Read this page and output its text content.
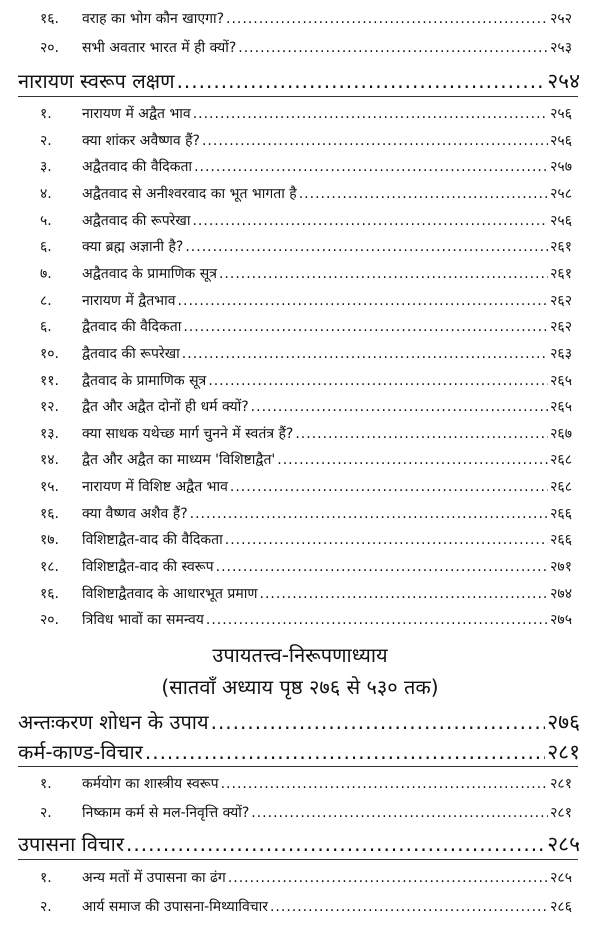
१६.	वराह का भोग कौन खाएगा? .....	२५२
२०.	सभी अवतार भारत में ही क्यों? .....	२५३
नारायण स्वरूप लक्षण .....	२५४
१.	नारायण में अद्वैत भाव .....	२५६
२.	क्या शांकर अवैष्णव हैं? .....	२५६
३.	अद्वैतवाद की वैदिकता .....	२५७
४.	अद्वैतवाद से अनीश्वरवाद का भूत भागता है .....	२५८
५.	अद्वैतवाद की रूपरेखा .....	२५६
६.	क्या ब्रह्म अज्ञानी है? .....	२६१
७.	अद्वैतवाद के प्रामाणिक सूत्र .....	२६१
८.	नारायण में द्वैतभाव .....	२६२
६.	द्वैतवाद की वैदिकता .....	२६२
१०.	द्वैतवाद की रूपरेखा .....	२६३
११.	द्वैतवाद के प्रामाणिक सूत्र .....	२६५
१२.	द्वैत और अद्वैत दोनों ही धर्म क्यों? .....	२६५
१३.	क्या साधक यथेच्छ मार्ग चुनने में स्वतंत्र हैं? .....	२६७
१४.	द्वैत और अद्वैत का माध्यम 'विशिष्टाद्वैत' .....	२६८
१५.	नारायण में विशिष्ट अद्वैत भाव .....	२६८
१६.	क्या वैष्णव अशैव हैं? .....	२६६
१७.	विशिष्टाद्वैत-वाद की वैदिकता .....	२६६
१८.	विशिष्टाद्वैत-वाद की स्वरूप .....	२७१
१६.	विशिष्टाद्वैतवाद के आधारभूत प्रमाण .....	२७४
२०.	त्रिविध भावों का समन्वय .....	२७५
उपायतत्त्व-निरूपणाध्याय
(सातवाँ अध्याय पृष्ठ २७६ से ५३० तक)
अन्तःकरण शोधन के उपाय .....	२७६
कर्म-काण्ड-विचार .....	२८१
१.	कर्मयोग का शास्त्रीय स्वरूप .....	२८१
२.	निष्काम कर्म से मल-निवृत्ति क्यों? .....	२८१
उपासना विचार .....	२८५
१.	अन्य मतों में उपासना का ढंग .....	२८५
२.	आर्य समाज की उपासना-मिथ्याविचार .....	२८६
